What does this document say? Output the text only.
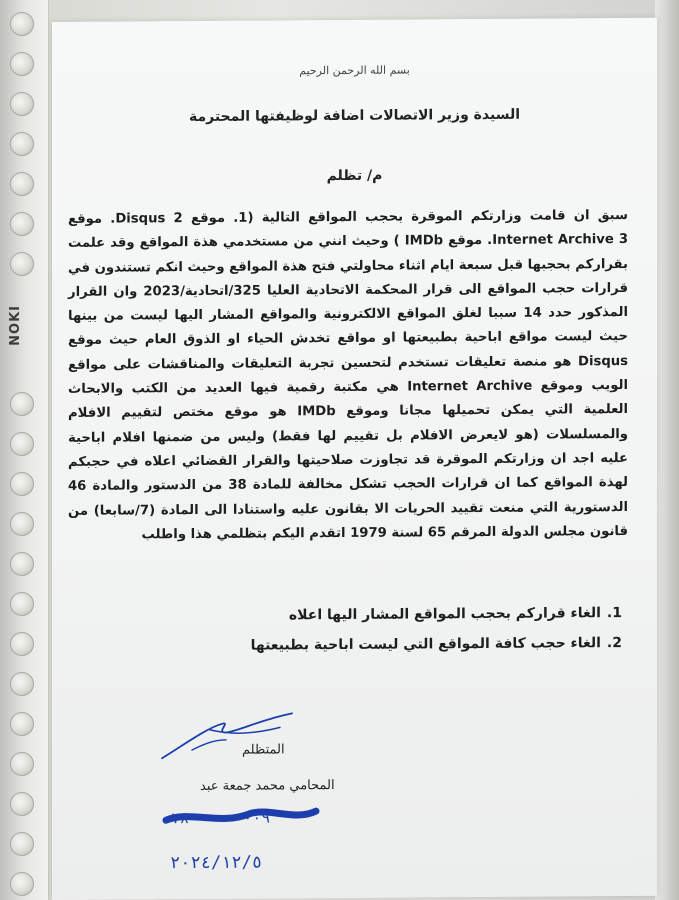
NOKI
بسم الله الرحمن الرحيم
السيدة وزير الاتصالات اضافة لوظيفتها المحترمة
م/ تظلم

سبق ان قامت وزارتكم الموقرة بحجب المواقع التالية (1. موقع Disqus 2. موقع Internet Archive 3. موقع IMDb ) وحيث انني من مستخدمي هذة المواقع وقد علمت بقراركم بحجبها قبل سبعة ايام اثناء محاولتي فتح هذة المواقع وحيث انكم تستندون في قرارات حجب المواقع الى قرار المحكمة الاتحادية العليا 325/اتحادية/2023 وان القرار المذكور حدد 14 سببا لغلق المواقع الالكترونية والمواقع المشار اليها ليست من بينها حيث ليست مواقع اباحية بطبيعتها او مواقع تخدش الحياء او الذوق العام حيث موقع Disqus هو منصة تعليقات تستخدم لتحسين تجربة التعليقات والمناقشات على مواقع الويب وموقع Internet Archive هي مكتبة رقمية فيها العديد من الكتب والابحاث العلمية التي يمكن تحميلها مجانا وموقع IMDb هو موقع مختص لتقييم الافلام والمسلسلات (هو لايعرض الافلام بل تقييم لها فقط) وليس من ضمنها افلام اباحية عليه اجد ان وزارتكم الموقرة قد تجاوزت صلاحيتها والقرار القضائي اعلاه في حجبكم لهذة المواقع كما ان قرارات الحجب تشكل مخالفة للمادة 38 من الدستور والمادة 46 الدستورية التي منعت تقييد الحريات الا بقانون عليه واستنادا الى المادة (7/سابعا) من قانون مجلس الدولة المرقم 65 لسنة 1979 اتقدم اليكم بتظلمي هذا واطلب

1.
الغاء قراركم بحجب المواقع المشار اليها اعلاه
2.
الغاء حجب كافة المواقع التي ليست اباحية بطبيعتها
المتظلم
المحامي محمد جمعة عبد
٠٧٨٠٠٠٠٠٠٠٠٩
٢٠٢٤/١٢/٥
